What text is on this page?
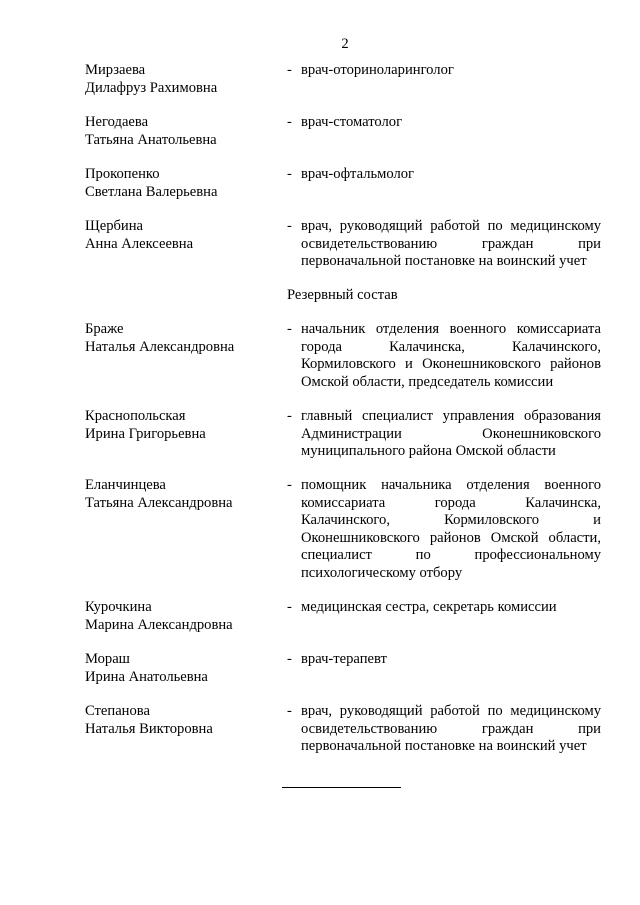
2
Мирзаева
Дилафруз Рахимовна
- врач-оториноларинголог
Негодаева
Татьяна Анатольевна
- врач-стоматолог
Прокопенко
Светлана Валерьевна
- врач-офтальмолог
Щербина
Анна Алексеевна
- врач, руководящий работой по медицинскому
освидетельствованию граждан при
первоначальной постановке на воинский учет
Резервный состав
Браже
Наталья Александровна
- начальник отделения военного комиссариата
города Калачинска, Калачинского,
Кормиловского и Оконешниковского районов
Омской области, председатель комиссии
Краснопольская
Ирина Григорьевна
- главный специалист управления образования
Администрации Оконешниковского
муниципального района Омской области
Еланчинцева
Татьяна Александровна
- помощник начальника отделения военного
комиссариата города Калачинска,
Калачинского, Кормиловского и
Оконешниковского районов Омской области,
специалист по профессиональному
психологическому отбору
Курочкина
Марина Александровна
- медицинская сестра, секретарь комиссии
Мораш
Ирина Анатольевна
- врач-терапевт
Степанова
Наталья Викторовна
- врач, руководящий работой по медицинскому
освидетельствованию граждан при
первоначальной постановке на воинский учет
